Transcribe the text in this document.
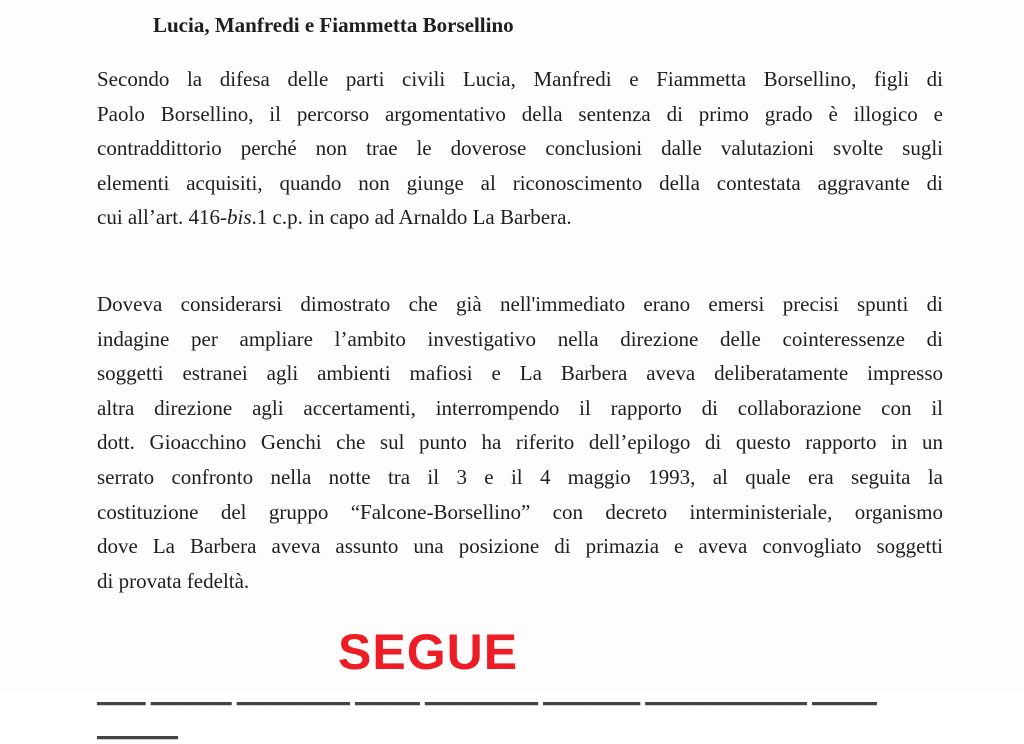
Lucia, Manfredi e Fiammetta Borsellino
Secondo la difesa delle parti civili Lucia, Manfredi e Fiammetta Borsellino, figli di
Paolo Borsellino, il percorso argomentativo della sentenza di primo grado è illogico e
contraddittorio perché non trae le doverose conclusioni dalle valutazioni svolte sugli
elementi acquisiti, quando non giunge al riconoscimento della contestata aggravante di
cui all’art. 416-bis.1 c.p. in capo ad Arnaldo La Barbera.
Doveva considerarsi dimostrato che già nell'immediato erano emersi precisi spunti di
indagine per ampliare l’ambito investigativo nella direzione delle cointeressenze di
soggetti estranei agli ambienti mafiosi e La Barbera aveva deliberatamente impresso
altra direzione agli accertamenti, interrompendo il rapporto di collaborazione con il
dott. Gioacchino Genchi che sul punto ha riferito dell’epilogo di questo rapporto in un
serrato confronto nella notte tra il 3 e il 4 maggio 1993, al quale era seguita la
costituzione del gruppo “Falcone-Borsellino” con decreto interministeriale, organismo
dove La Barbera aveva assunto una posizione di primazia e aveva convogliato soggetti
di provata fedeltà.
SEGUE
▁▁▁ ▁▁▁▁▁ ▁▁▁▁▁▁▁ ▁▁▁▁ ▁▁▁▁▁▁▁ ▁▁▁▁▁▁ ▁▁▁▁▁▁▁▁▁▁ ▁▁▁▁ ▁▁▁▁▁
